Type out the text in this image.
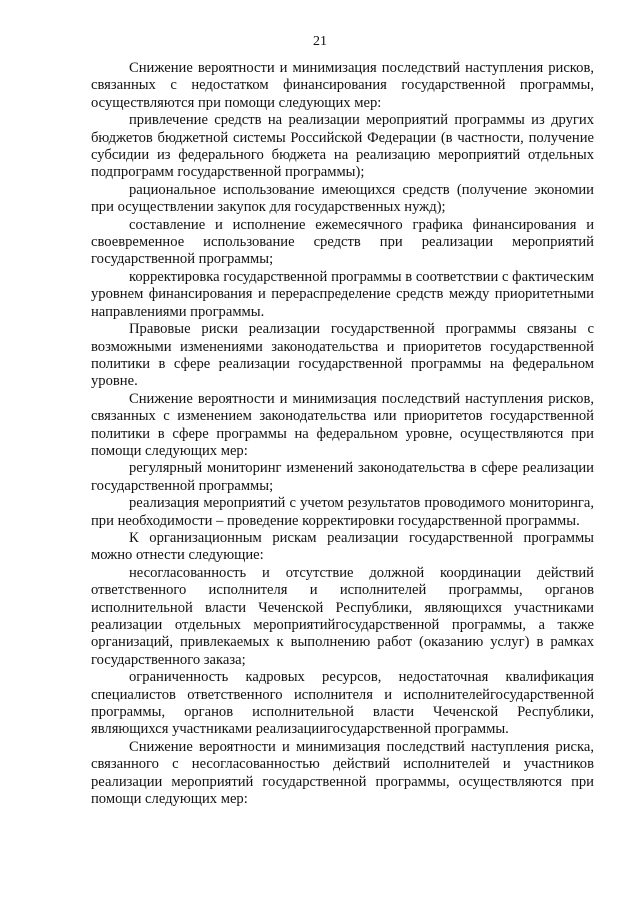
21

Снижение вероятности и минимизация последствий наступления рисков, связанных с недостатком финансирования государственной программы, осуществляются при помощи следующих мер:

привлечение средств на реализации мероприятий программы из других бюджетов бюджетной системы Российской Федерации (в частности, получение субсидии из федерального бюджета на реализацию мероприятий отдельных подпрограмм государственной программы);

рациональное использование имеющихся средств (получение экономии при осуществлении закупок для государственных нужд);

составление и исполнение ежемесячного графика финансирования и своевременное использование средств при реализации мероприятий государственной программы;

корректировка государственной программы в соответствии с фактическим уровнем финансирования и перераспределение средств между приоритетными направлениями программы.

Правовые риски реализации государственной программы связаны с возможными изменениями законодательства и приоритетов государственной политики в сфере реализации государственной программы на федеральном уровне.

Снижение вероятности и минимизация последствий наступления рисков, связанных с изменением законодательства или приоритетов государственной политики в сфере программы на федеральном уровне, осуществляются при помощи следующих мер:

регулярный мониторинг изменений законодательства в сфере реализации государственной программы;

реализация мероприятий с учетом результатов проводимого мониторинга, при необходимости – проведение корректировки государственной программы.

К организационным рискам реализации государственной программы можно отнести следующие:

несогласованность и отсутствие должной координации действий ответственного исполнителя и исполнителей программы, органов исполнительной власти Чеченской Республики, являющихся участниками реализации отдельных мероприятийгосударственной программы, а также организаций, привлекаемых к выполнению работ (оказанию услуг) в рамках государственного заказа;

ограниченность кадровых ресурсов, недостаточная квалификация специалистов ответственного исполнителя и исполнителейгосударственной программы, органов исполнительной власти Чеченской Республики, являющихся участниками реализациигосударственной программы.

Снижение вероятности и минимизация последствий наступления риска, связанного с несогласованностью действий исполнителей и участников реализации мероприятий государственной программы, осуществляются при помощи следующих мер:
